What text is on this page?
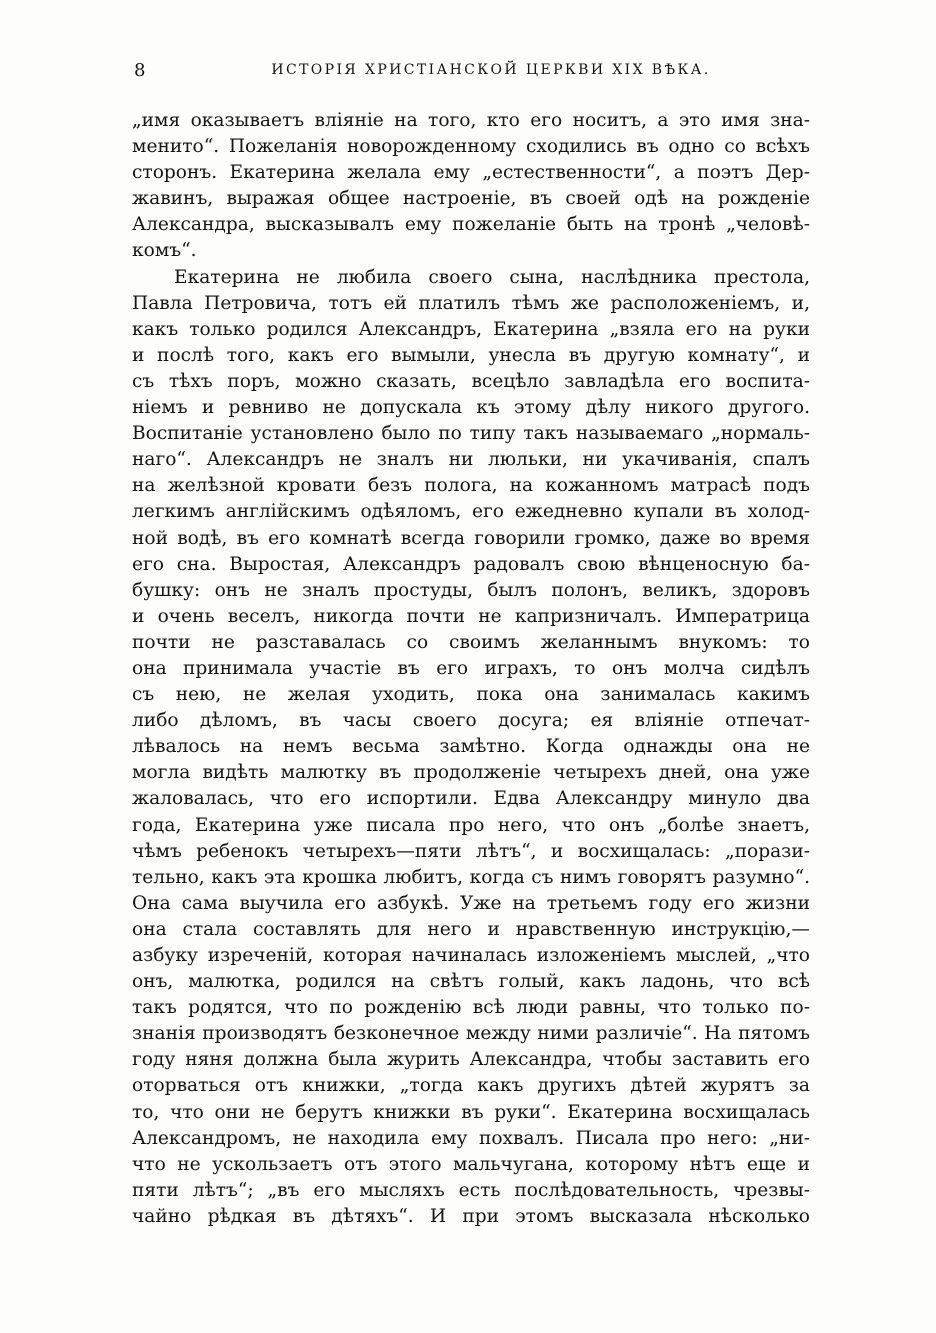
8	ИСТОРІЯ ХРИСТІАНСКОЙ ЦЕРКВИ XIX ВѢКА.
„имя оказываетъ вліяніе на того, кто его носитъ, а это имя зна-
менито“. Пожеланія новорожденному сходились въ одно со всѣхъ
сторонъ. Екатерина желала ему „естественности“, а поэтъ Дер-
жавинъ, выражая общее настроеніе, въ своей одѣ на рожденіе
Александра, высказывалъ ему пожеланіе быть на тронѣ „человѣ-
комъ“.
Екатерина не любила своего сына, наслѣдника престола,
Павла Петровича, тотъ ей платилъ тѣмъ же расположеніемъ, и,
какъ только родился Александръ, Екатерина „взяла его на руки
и послѣ того, какъ его вымыли, унесла въ другую комнату“, и
съ тѣхъ поръ, можно сказать, всецѣло завладѣла его воспита-
ніемъ и ревниво не допускала къ этому дѣлу никого другого.
Воспитаніе установлено было по типу такъ называемаго „нормаль-
наго“. Александръ не зналъ ни люльки, ни укачиванія, спалъ
на желѣзной кровати безъ полога, на кожанномъ матрасѣ подъ
легкимъ англійскимъ одѣяломъ, его ежедневно купали въ холод-
ной водѣ, въ его комнатѣ всегда говорили громко, даже во время
его сна. Выростая, Александръ радовалъ свою вѣнценосную ба-
бушку: онъ не зналъ простуды, былъ полонъ, великъ, здоровъ
и очень веселъ, никогда почти не капризничалъ. Императрица
почти не разставалась со своимъ желаннымъ внукомъ: то
она принимала участіе въ его играхъ, то онъ молча сидѣлъ
съ нею, не желая уходить, пока она занималась какимъ
либо дѣломъ, въ часы своего досуга; ея вліяніе отпечат-
лѣвалось на немъ весьма замѣтно. Когда однажды она не
могла видѣть малютку въ продолженіе четырехъ дней, она уже
жаловалась, что его испортили. Едва Александру минуло два
года, Екатерина уже писала про него, что онъ „болѣе знаетъ,
чѣмъ ребенокъ четырехъ—пяти лѣтъ“, и восхищалась: „порази-
тельно, какъ эта крошка любитъ, когда съ нимъ говорятъ разумно“.
Она сама выучила его азбукѣ. Уже на третьемъ году его жизни
она стала составлять для него и нравственную инструкцію,—
азбуку изреченій, которая начиналась изложеніемъ мыслей, „что
онъ, малютка, родился на свѣтъ голый, какъ ладонь, что всѣ
такъ родятся, что по рожденію всѣ люди равны, что только по-
знанія производятъ безконечное между ними различіе“. На пятомъ
году няня должна была журить Александра, чтобы заставить его
оторваться отъ книжки, „тогда какъ другихъ дѣтей журятъ за
то, что они не берутъ книжки въ руки“. Екатерина восхищалась
Александромъ, не находила ему похвалъ. Писала про него: „ни-
что не ускользаетъ отъ этого мальчугана, которому нѣтъ еще и
пяти лѣтъ“; „въ его мысляхъ есть послѣдовательность, чрезвы-
чайно рѣдкая въ дѣтяхъ“. И при этомъ высказала нѣсколько
